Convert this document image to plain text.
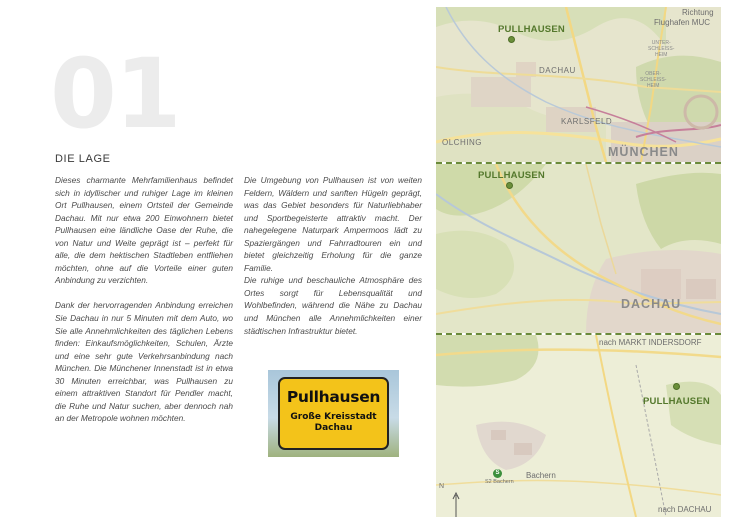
01
DIE LAGE

Dieses charmante Mehrfamilienhaus befindet sich in idyllischer und ruhiger Lage im kleinen Ort Pullhausen, einem Ortsteil der Gemeinde Dachau. Mit nur etwa 200 Einwohnern bietet Pullhausen eine ländliche Oase der Ruhe, die von Natur und Weite geprägt ist – perfekt für alle, die dem hektischen Stadtleben entfliehen möchten, ohne auf die Vorteile einer guten Anbindung zu verzichten.

Dank der hervorragenden Anbindung erreichen Sie Dachau in nur 5 Minuten mit dem Auto, wo Sie alle Annehmlichkeiten des täglichen Lebens finden: Einkaufsmöglichkeiten, Schulen, Ärzte und eine sehr gute Verkehrsanbindung nach München. Die Münchener Innenstadt ist in etwa 30 Minuten erreichbar, was Pullhausen zu einem attraktiven Standort für Pendler macht, die Ruhe und Natur suchen, aber dennoch nah an der Metropole wohnen möchten.

Die Umgebung von Pullhausen ist von weiten Feldern, Wäldern und sanften Hügeln geprägt, was das Gebiet besonders für Naturliebhaber und Sportbegeisterte attraktiv macht. Der nahegelegene Naturpark Ampermoos lädt zu Spaziergängen und Fahrradtouren ein und bietet gleichzeitig Erholung für die ganze Familie.

Die ruhige und beschauliche Atmosphäre des Ortes sorgt für Lebensqualität und Wohlbefinden, während die Nähe zu Dachau und München alle Annehmlichkeiten einer städtischen Infrastruktur bietet.

Pullhausen
Große Kreisstadt
Dachau
PULLHAUSEN
DACHAU
KARLSFELD
OLCHING
MÜNCHEN
Richtung
Flughafen MUC
UNTER-
SCHLEISS-
HEIM
OBER-
SCHLEISS-
HEIM
PULLHAUSEN
DACHAU
nach MARKT INDERSDORF
PULLHAUSEN
Bachern
S
S2 Bachern
N
nach DACHAU
